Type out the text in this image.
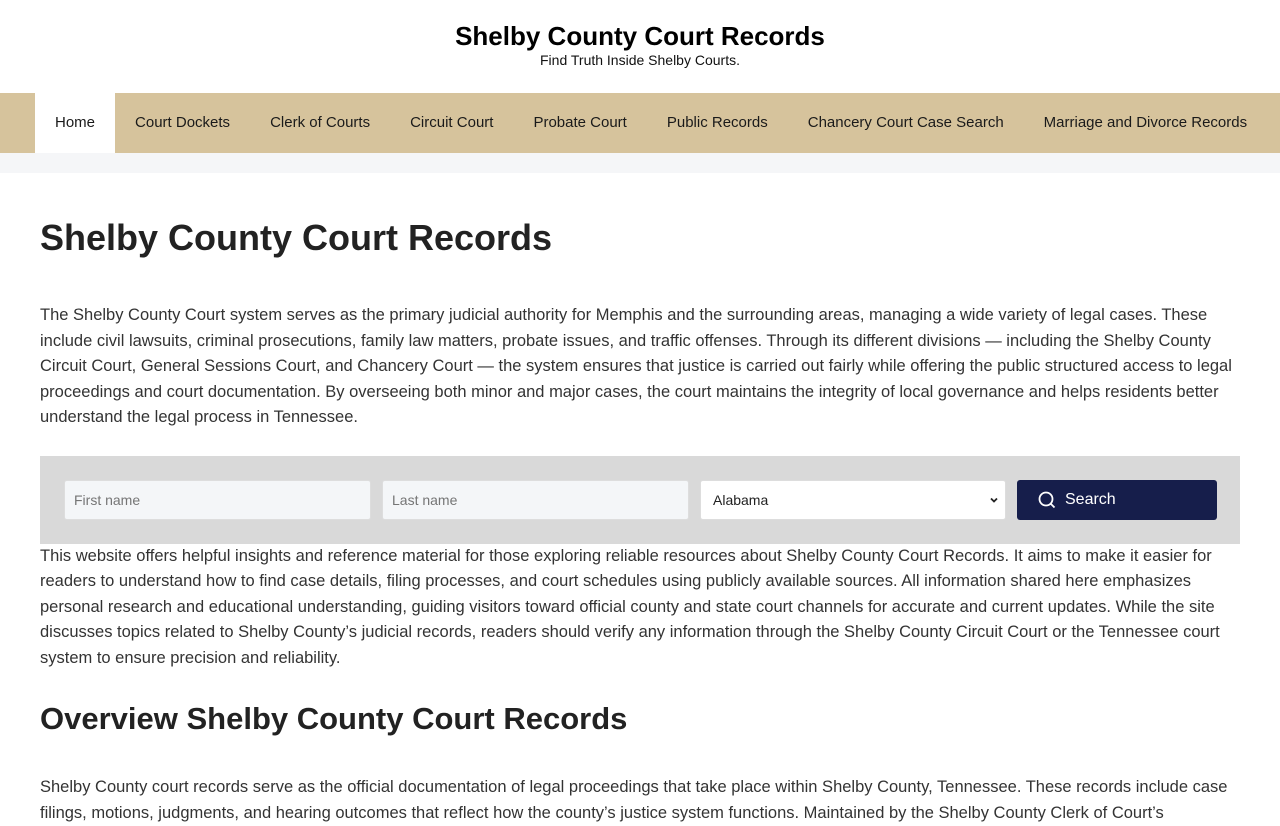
Shelby County Court Records
Find Truth Inside Shelby Courts.
Home	Court Dockets	Clerk of Courts	Circuit Court	Probate Court	Public Records	Chancery Court Case Search	Marriage and Divorce Records
Shelby County Court Records

The Shelby County Court system serves as the primary judicial authority for Memphis and the surrounding areas, managing a wide variety of legal cases. These include civil lawsuits, criminal prosecutions, family law matters, probate issues, and traffic offenses. Through its different divisions — including the Shelby County Circuit Court, General Sessions Court, and Chancery Court — the system ensures that justice is carried out fairly while offering the public structured access to legal proceedings and court documentation. By overseeing both minor and major cases, the court maintains the integrity of local governance and helps residents better understand the legal process in Tennessee.

First name
Last name
Alabama	Search

This website offers helpful insights and reference material for those exploring reliable resources about Shelby County Court Records. It aims to make it easier for readers to understand how to find case details, filing processes, and court schedules using publicly available sources. All information shared here emphasizes personal research and educational understanding, guiding visitors toward official county and state court channels for accurate and current updates. While the site discusses topics related to Shelby County’s judicial records, readers should verify any information through the Shelby County Circuit Court or the Tennessee court system to ensure precision and reliability.

Overview Shelby County Court Records

Shelby County court records serve as the official documentation of legal proceedings that take place within Shelby County, Tennessee. These records include case filings, motions, judgments, and hearing outcomes that reflect how the county’s justice system functions. Maintained by the Shelby County Clerk of Court’s
